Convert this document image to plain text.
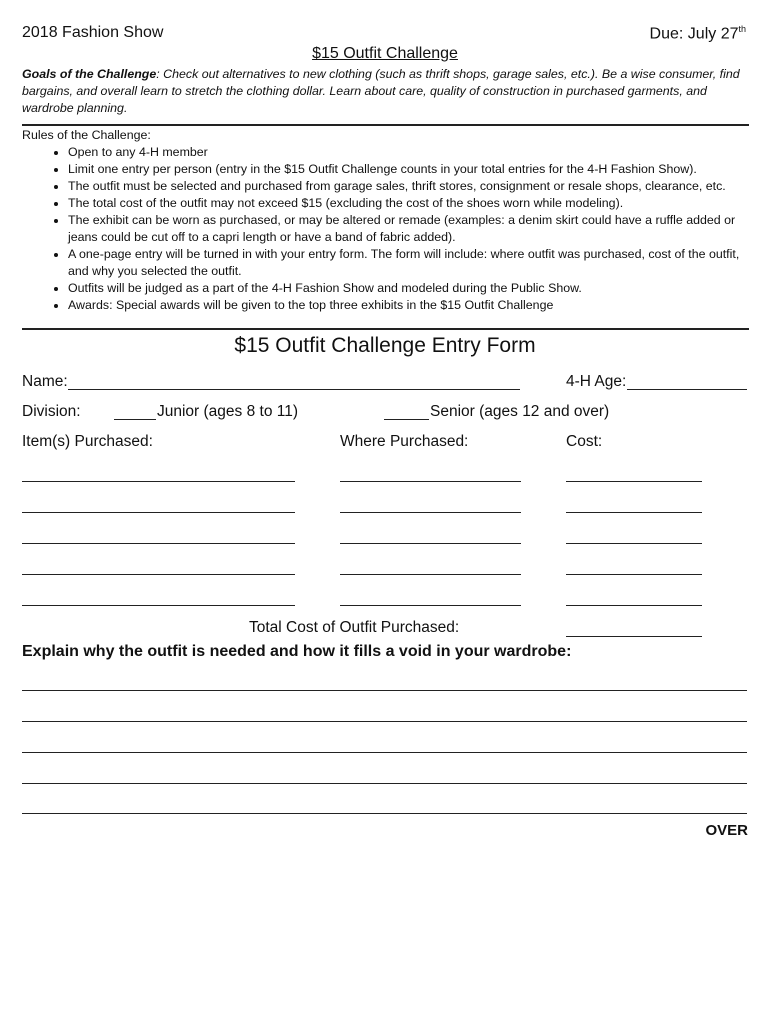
2018 Fashion Show	Due: July 27th
$15 Outfit Challenge
Goals of the Challenge: Check out alternatives to new clothing (such as thrift shops, garage sales, etc.). Be a wise consumer, find bargains, and overall learn to stretch the clothing dollar. Learn about care, quality of construction in purchased garments, and wardrobe planning.
Rules of the Challenge:
• Open to any 4-H member
• Limit one entry per person (entry in the $15 Outfit Challenge counts in your total entries for the 4-H Fashion Show).
• The outfit must be selected and purchased from garage sales, thrift stores, consignment or resale shops, clearance, etc.
• The total cost of the outfit may not exceed $15 (excluding the cost of the shoes worn while modeling).
• The exhibit can be worn as purchased, or may be altered or remade (examples: a denim skirt could have a ruffle added or jeans could be cut off to a capri length or have a band of fabric added).
• A one-page entry will be turned in with your entry form. The form will include: where outfit was purchased, cost of the outfit, and why you selected the outfit.
• Outfits will be judged as a part of the 4-H Fashion Show and modeled during the Public Show.
• Awards: Special awards will be given to the top three exhibits in the $15 Outfit Challenge
$15 Outfit Challenge Entry Form
Name:	4-H Age:
Division:	Junior (ages 8 to 11)	Senior (ages 12 and over)
Item(s) Purchased:	Where Purchased:	Cost:
Total Cost of Outfit Purchased:
Explain why the outfit is needed and how it fills a void in your wardrobe:
OVER
